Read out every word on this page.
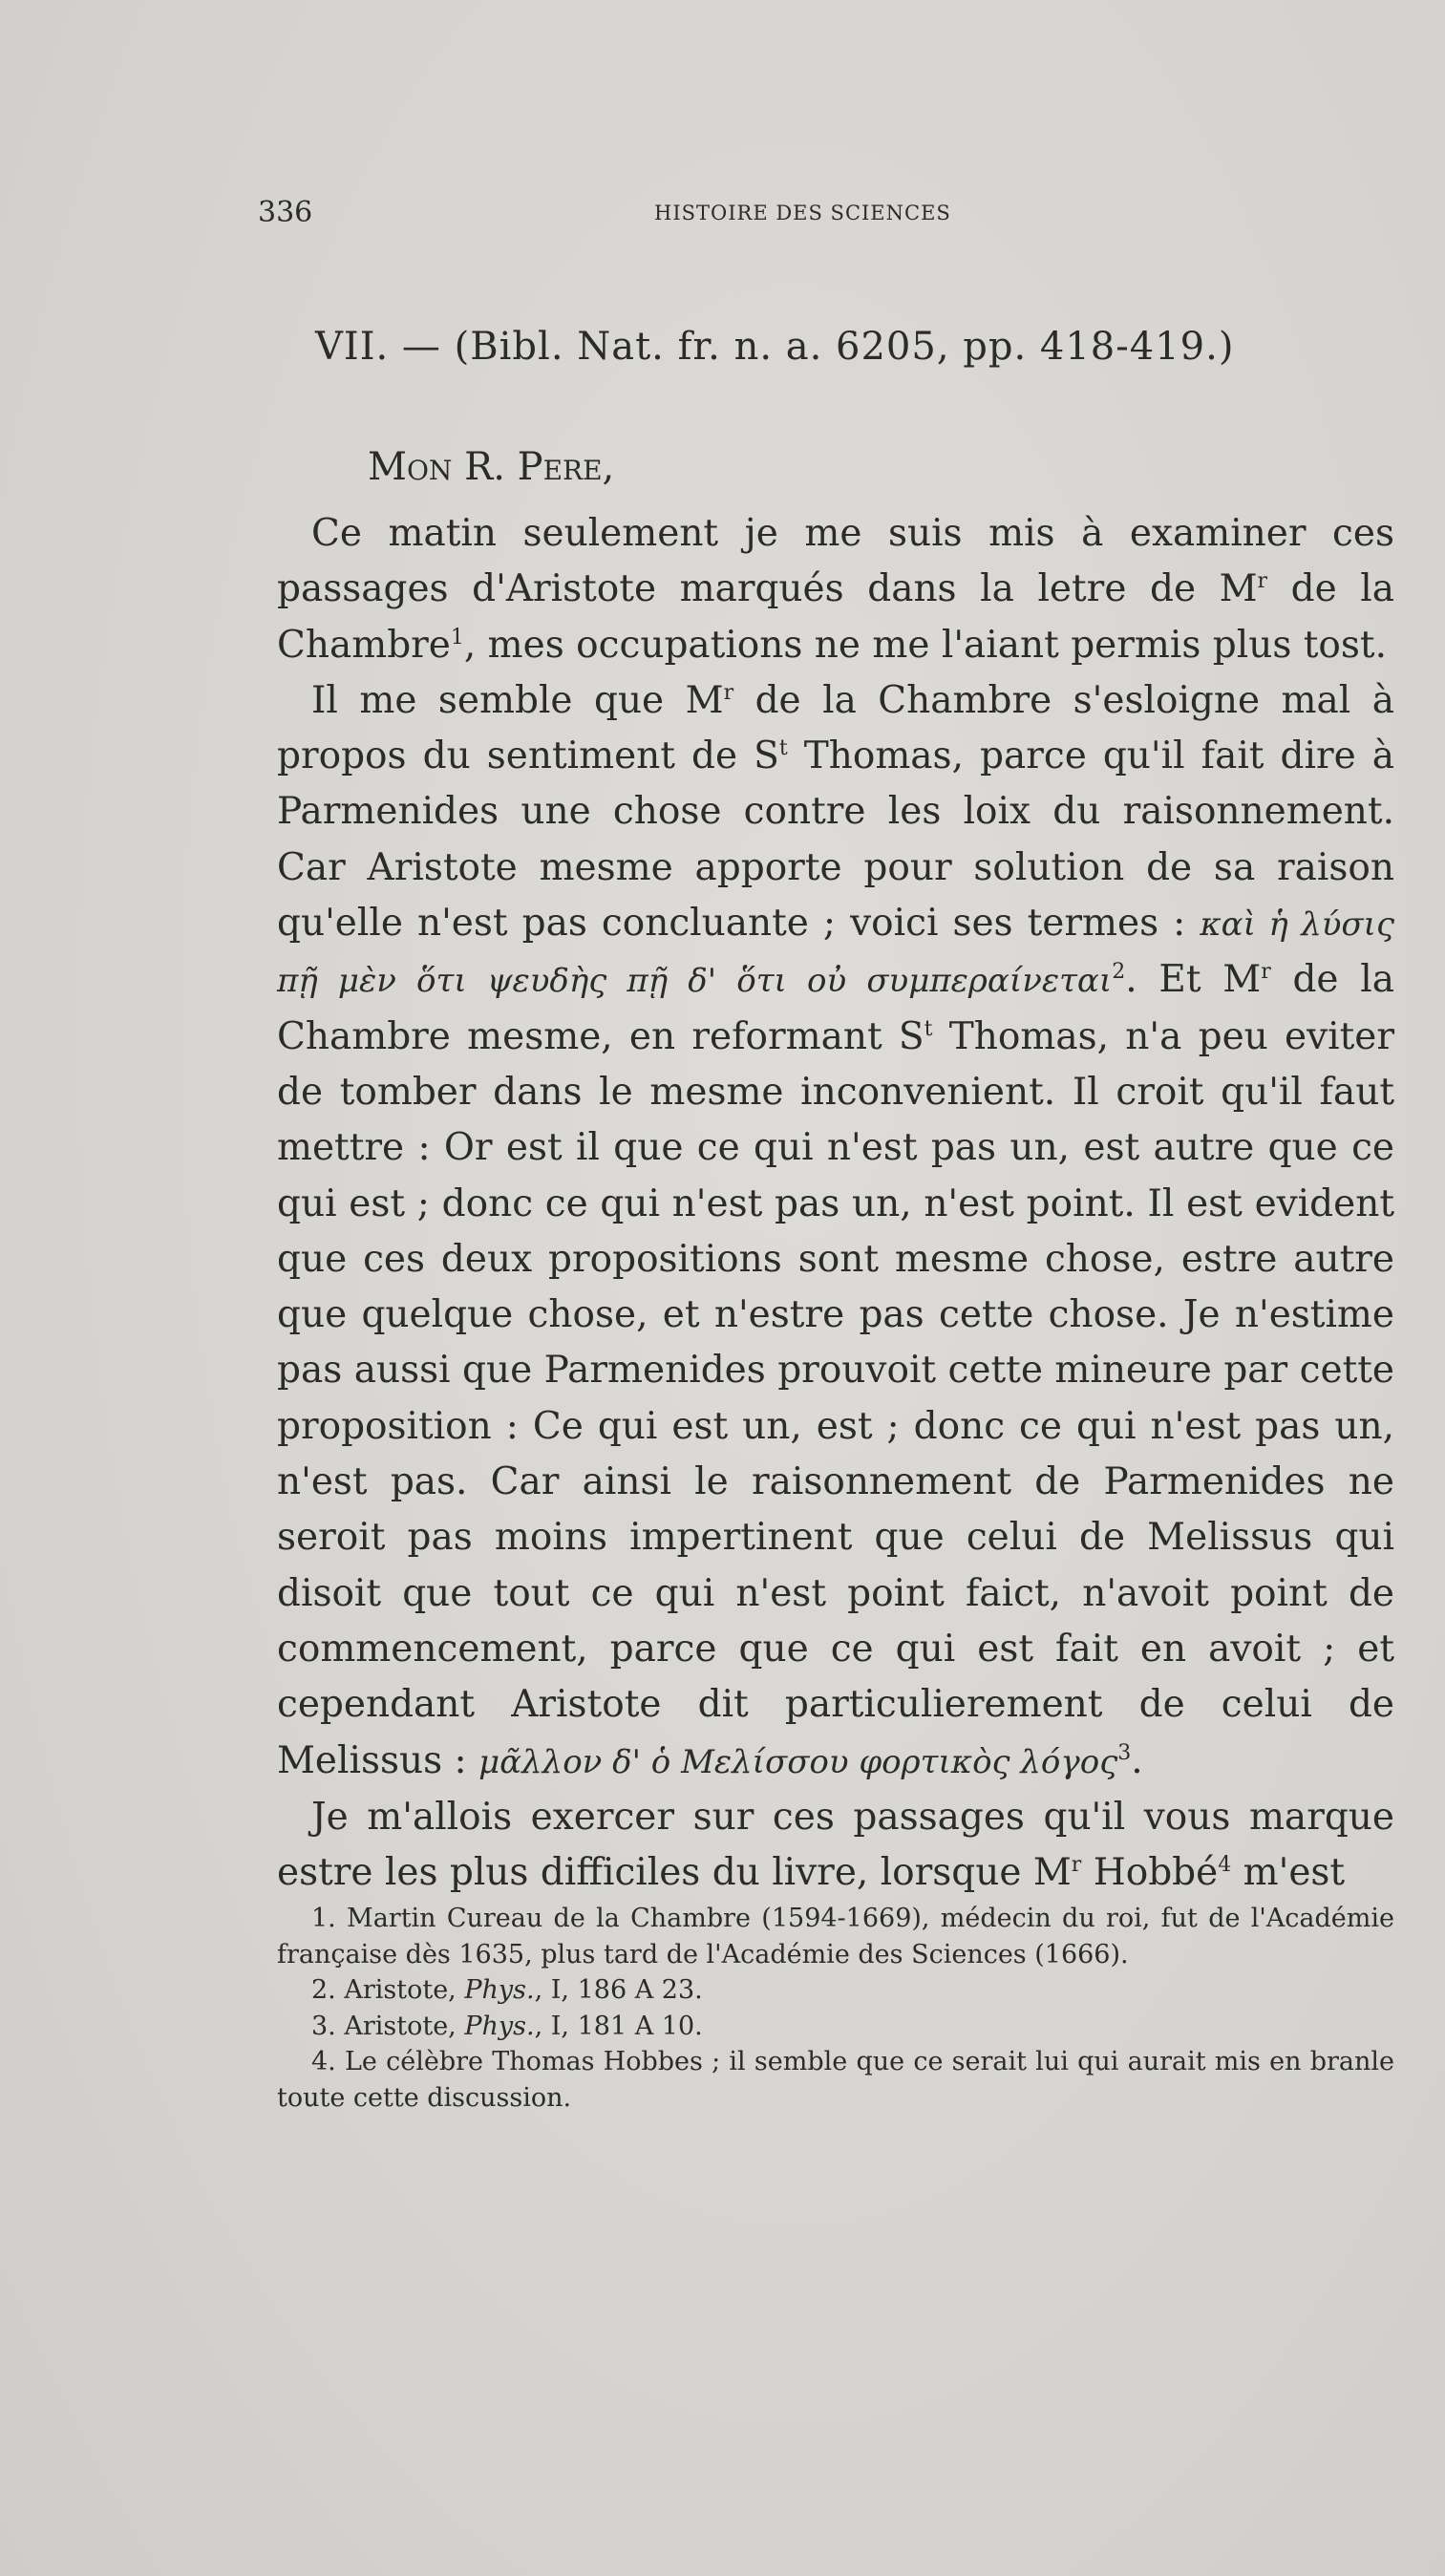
336	HISTOIRE DES SCIENCES
VII. — (Bibl. Nat. fr. n. a. 6205, pp. 418-419.)
Mon R. Pere,

Ce matin seulement je me suis mis à examiner ces passages d'Aristote marqués dans la letre de $M^r$ de la Chambre$^1$, mes occupations ne me l'aiant permis plus tost.

Il me semble que $M^r$ de la Chambre s'esloigne mal à propos du sentiment de $S^t$ Thomas, parce qu'il fait dire à Parmenides une chose contre les loix du raisonnement. Car Aristote mesme apporte pour solution de sa raison qu'elle n'est pas concluante ; voici ses termes : καὶ ἡ λύσις πῇ μὲν ὅτι ψευδὴς πῇ δ' ὅτι οὐ συμπεραίνεται$^2$. Et $M^r$ de la Chambre mesme, en reformant $S^t$ Thomas, n'a peu eviter de tomber dans le mesme inconvenient. Il croit qu'il faut mettre : Or est il que ce qui n'est pas un, est autre que ce qui est ; donc ce qui n'est pas un, n'est point. Il est evident que ces deux propositions sont mesme chose, estre autre que quelque chose, et n'estre pas cette chose. Je n'estime pas aussi que Parmenides prouvoit cette mineure par cette proposition : Ce qui est un, est ; donc ce qui n'est pas un, n'est pas. Car ainsi le raisonnement de Parmenides ne seroit pas moins impertinent que celui de Melissus qui disoit que tout ce qui n'est point faict, n'avoit point de commencement, parce que ce qui est fait en avoit ; et cependant Aristote dit particulierement de celui de Melissus : μᾶλλον δ' ὁ Μελίσσου φορτικὸς λόγος$^3$.

Je m'allois exercer sur ces passages qu'il vous marque estre les plus difficiles du livre, lorsque $M^r$ Hobbé$^4$ m'est

1. Martin Cureau de la Chambre (1594-1669), médecin du roi, fut de l'Académie française dès 1635, plus tard de l'Académie des Sciences (1666).

2. Aristote, Phys., I, 186 A 23.

3. Aristote, Phys., I, 181 A 10.

4. Le célèbre Thomas Hobbes ; il semble que ce serait lui qui aurait mis en branle toute cette discussion.
